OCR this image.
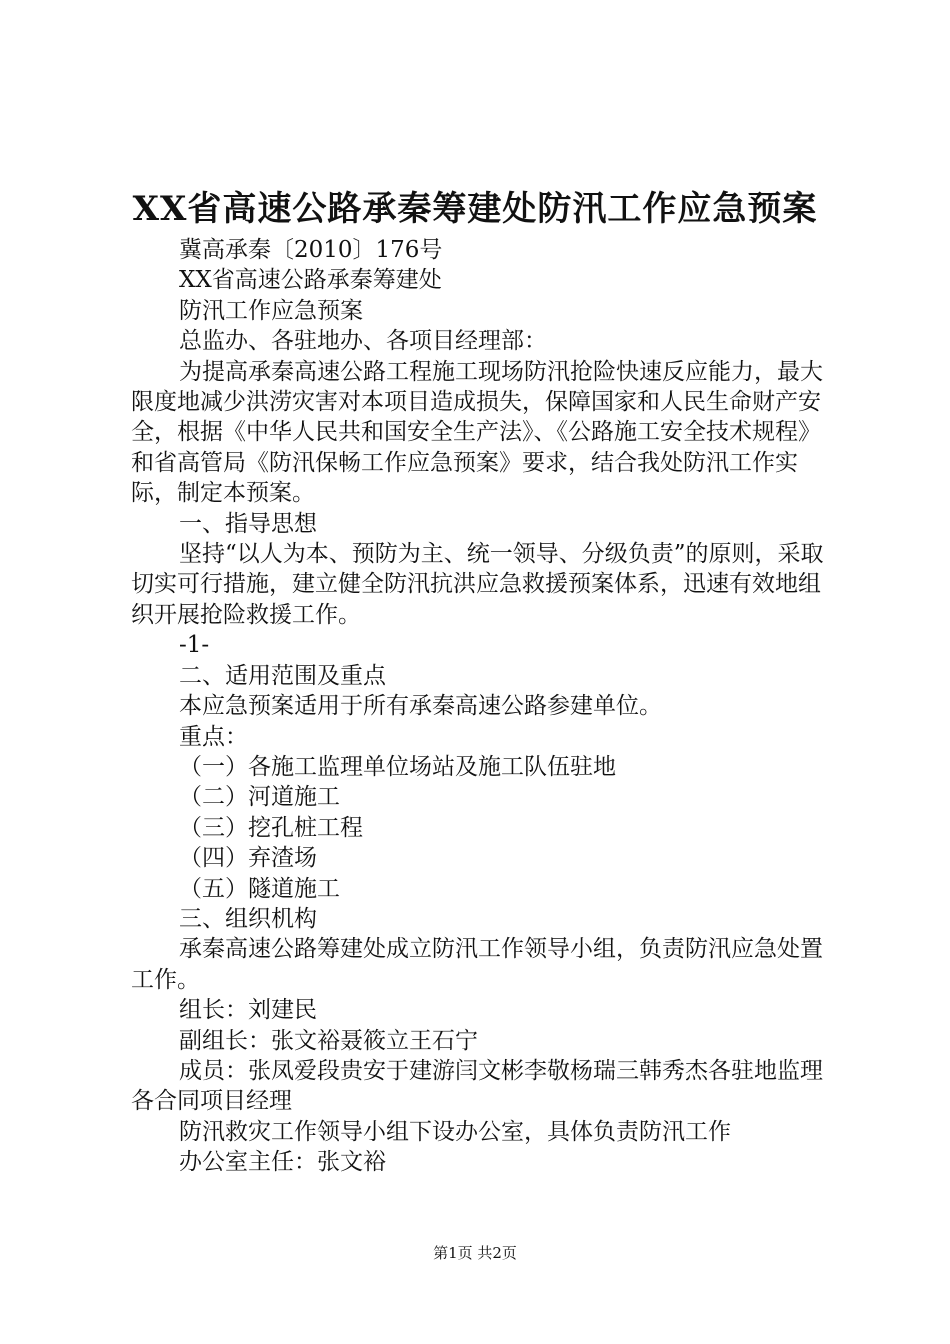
XX省高速公路承秦筹建处防汛工作应急预案

冀高承秦〔2010〕176号

XX省高速公路承秦筹建处

防汛工作应急预案

总监办、各驻地办、各项目经理部：

为提高承秦高速公路工程施工现场防汛抢险快速反应能力，最大限度地减少洪涝灾害对本项目造成损失，保障国家和人民生命财产安全，根据《中华人民共和国安全生产法》、《公路施工安全技术规程》和省高管局《防汛保畅工作应急预案》要求，结合我处防汛工作实际，制定本预案。

一、指导思想

坚持“以人为本、预防为主、统一领导、分级负责”的原则，采取切实可行措施，建立健全防汛抗洪应急救援预案体系，迅速有效地组织开展抢险救援工作。

-1-

二、适用范围及重点

本应急预案适用于所有承秦高速公路参建单位。

重点：

（一）各施工监理单位场站及施工队伍驻地

（二）河道施工

（三）挖孔桩工程

（四）弃渣场

（五）隧道施工

三、组织机构

承秦高速公路筹建处成立防汛工作领导小组，负责防汛应急处置工作。

组长：刘建民

副组长：张文裕聂筱立王石宁

成员：张凤爱段贵安于建游闫文彬李敬杨瑞三韩秀杰各驻地监理各合同项目经理

防汛救灾工作领导小组下设办公室，具体负责防汛工作

办公室主任：张文裕

第1页 共2页
